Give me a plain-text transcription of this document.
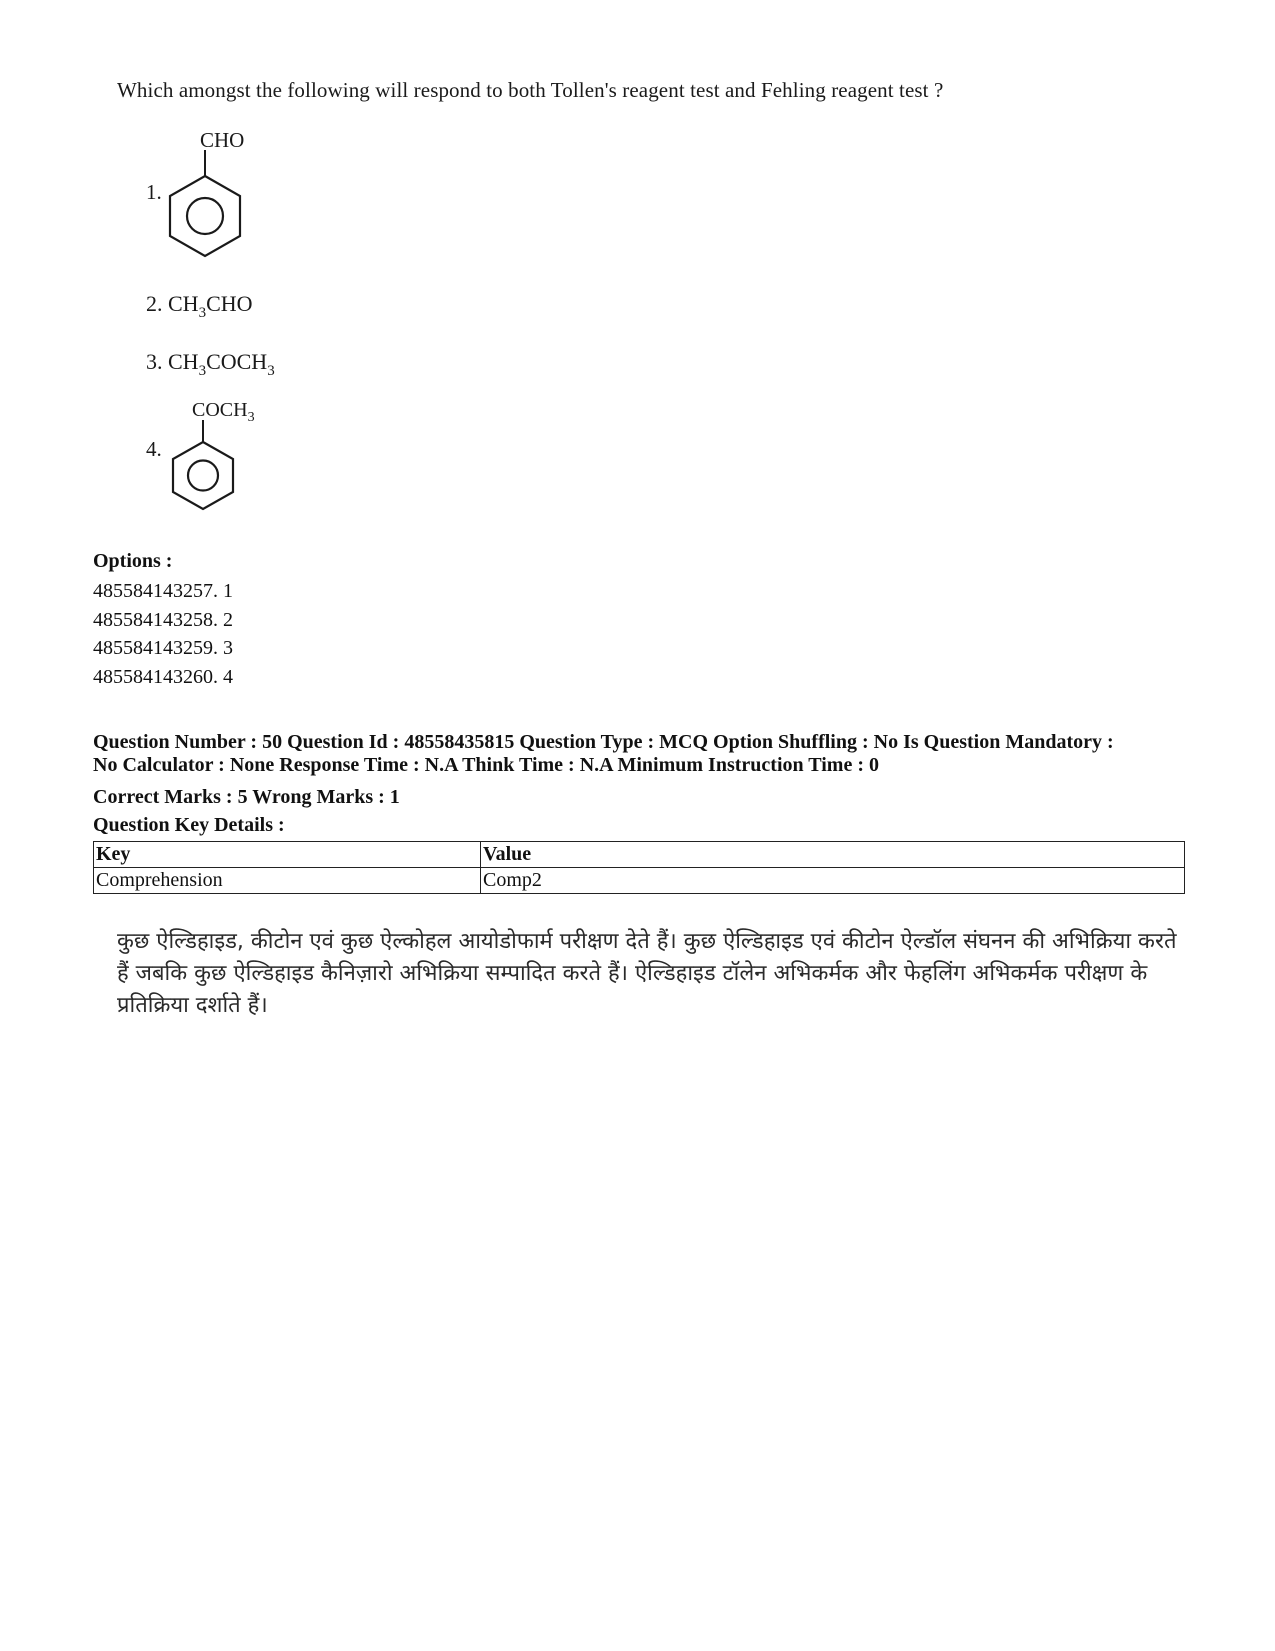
Which amongst the following will respond to both Tollen's reagent test and Fehling reagent test ?
1.
CHO
2. $CH_3CHO$
3. $CH_3COCH_3$
4.
$COCH_3$
Options :
485584143257. 1
485584143258. 2
485584143259. 3
485584143260. 4
Question Number : 50 Question Id : 48558435815 Question Type : MCQ Option Shuffling : No Is Question Mandatory :
No Calculator : None Response Time : N.A Think Time : N.A Minimum Instruction Time : 0
Correct Marks : 5 Wrong Marks : 1
Question Key Details :
Key	Value
Comprehension	Comp2
कुछ ऐल्डिहाइड, कीटोन एवं कुछ ऐल्कोहल आयोडोफार्म परीक्षण देते हैं। कुछ ऐल्डिहाइड एवं कीटोन ऐल्डॉल संघनन की अभिक्रिया करते हैं जबकि कुछ ऐल्डिहाइड कैनिज़ारो अभिक्रिया सम्पादित करते हैं। ऐल्डिहाइड टॉलेन अभिकर्मक और फेहलिंग अभिकर्मक परीक्षण के प्रतिक्रिया दर्शाते हैं।
